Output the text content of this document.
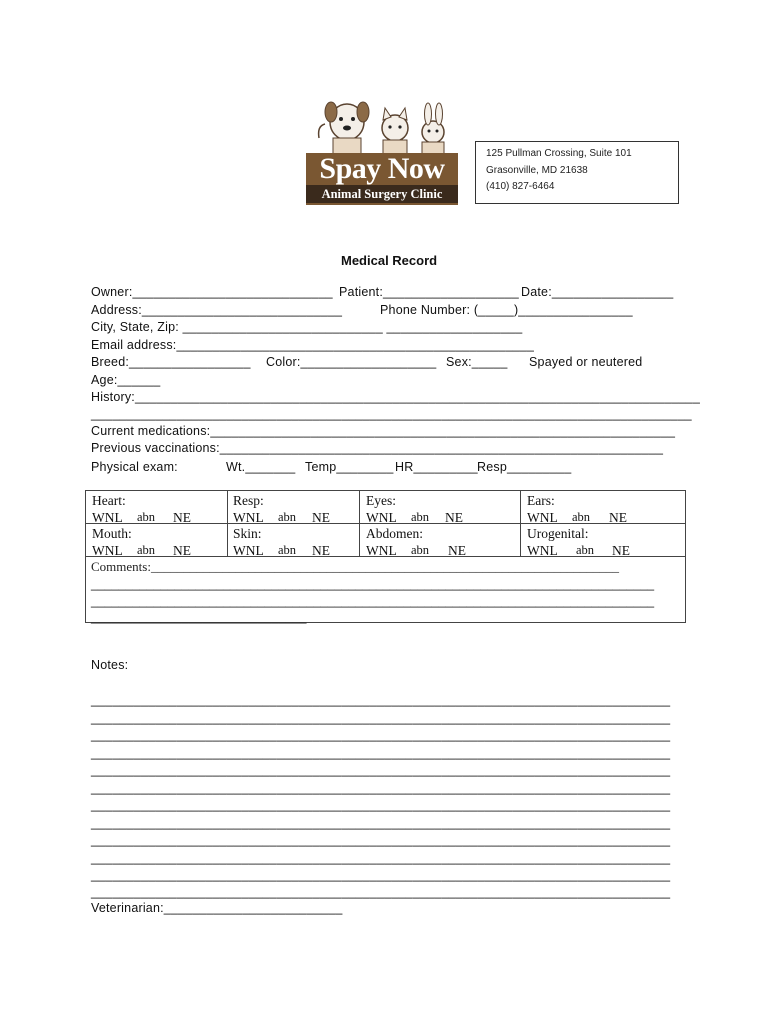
Spay Now
Animal Surgery Clinic
125 Pullman Crossing, Suite 101
Grasonville, MD 21638
(410) 827-6464
Medical Record
Owner:____________________________ Patient:___________________ Date:_________________
Address:____________________________	Phone Number: (_____)________________
City, State, Zip: ____________________________ ___________________
Email address:__________________________________________________
Breed:_________________ Color:___________________ Sex:_____ Spayed or neutered
Age:______
History:_______________________________________________________________________________
____________________________________________________________________________________
Current medications:_________________________________________________________________
Previous vaccinations:______________________________________________________________
Physical exam:	Wt._______ Temp________ HR_________ Resp_________
Heart:
WNL abn NE
Resp:
WNL abn NE
Eyes:
WNL abn NE
Ears:
WNL abn NE
Mouth:
WNL abn NE
Skin:
WNL abn NE
Abdomen:
WNL abn NE
Urogenital:
WNL abn NE
Comments:________________________________________________________________________
_________________________________________________________________________________
_________________________________________________________________________________
_______________________________
Notes:
_________________________________________________________________________________
_________________________________________________________________________________
_________________________________________________________________________________
_________________________________________________________________________________
_________________________________________________________________________________
_________________________________________________________________________________
_________________________________________________________________________________
_________________________________________________________________________________
_________________________________________________________________________________
_________________________________________________________________________________
_________________________________________________________________________________
_________________________________________________________________________________
Veterinarian:_________________________
